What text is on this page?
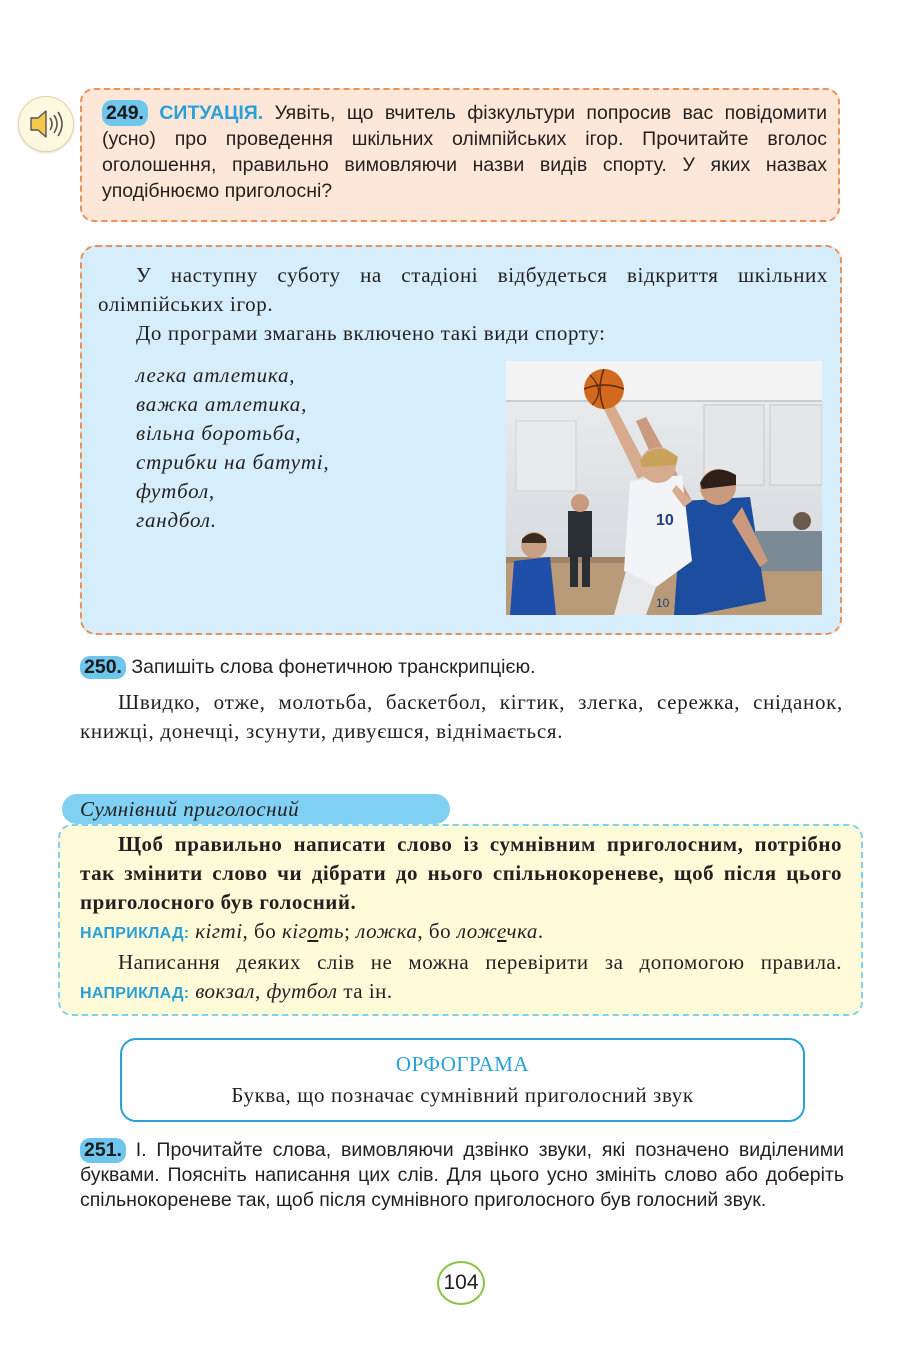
249. СИТУАЦІЯ. Уявіть, що вчитель фізкультури попросив вас повідомити (усно) про проведення шкільних олімпійських ігор. Прочитайте вголос оголошення, правильно вимовляючи назви видів спорту. У яких назвах уподібнюємо приголосні?

У наступну суботу на стадіоні відбудеться відкриття шкільних олімпійських ігор.

До програми змагань включено такі види спорту:

легка атлетика,
важка атлетика,
вільна боротьба,
стрибки на батуті,
футбол,
гандбол.	10
10
250. Запишіть слова фонетичною транскрипцією.
Швидко, отже, молотьба, баскетбол, кігтик, злегка, сережка, сніданок, книжці, донечці, зсунути, дивуєшся, віднімається.
Сумнівний приголосний

Щоб правильно написати слово із сумнівним приголосним, потрібно так змінити слово чи дібрати до нього спільнокореневе, щоб після цього приголосного був голосний.

НАПРИКЛАД: кігті, бо кіготь; ложка, бо ложечка.

Написання деяких слів не можна перевірити за допомогою правила. НАПРИКЛАД: вокзал, футбол та ін.

ОРФОГРАМА
Буква, що позначає сумнівний приголосний звук
251. I. Прочитайте слова, вимовляючи дзвінко звуки, які позначено виділеними буквами. Поясніть написання цих слів. Для цього усно змініть слово або доберіть спільнокореневе так, щоб після сумнівного приголосного був голосний звук.
104
